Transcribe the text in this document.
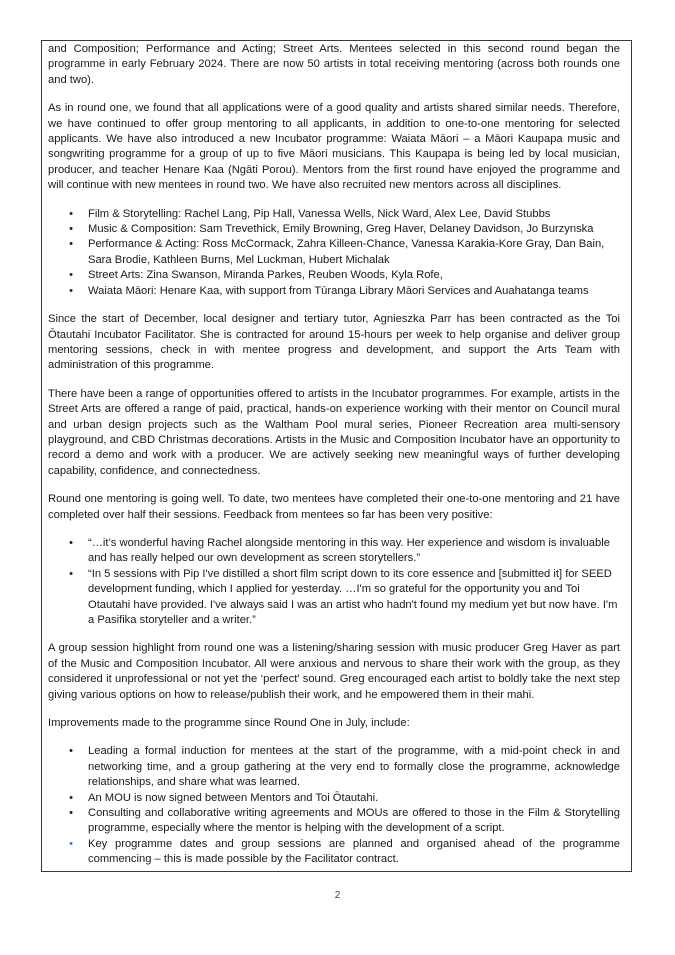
and Composition; Performance and Acting; Street Arts. Mentees selected in this second round began the programme in early February 2024. There are now 50 artists in total receiving mentoring (across both rounds one and two).

As in round one, we found that all applications were of a good quality and artists shared similar needs. Therefore, we have continued to offer group mentoring to all applicants, in addition to one-to-one mentoring for selected applicants. We have also introduced a new Incubator programme: Waiata Māori – a Māori Kaupapa music and songwriting programme for a group of up to five Māori musicians. This Kaupapa is being led by local musician, producer, and teacher Henare Kaa (Ngāti Porou). Mentors from the first round have enjoyed the programme and will continue with new mentees in round two. We have also recruited new mentors across all disciplines.

• Film & Storytelling: Rachel Lang, Pip Hall, Vanessa Wells, Nick Ward, Alex Lee, David Stubbs
• Music & Composition: Sam Trevethick, Emily Browning, Greg Haver, Delaney Davidson, Jo Burzynska
• Performance & Acting: Ross McCormack, Zahra Killeen-Chance, Vanessa Karakia-Kore Gray, Dan Bain, Sara Brodie, Kathleen Burns, Mel Luckman, Hubert Michalak
• Street Arts: Zina Swanson, Miranda Parkes, Reuben Woods, Kyla Rofe,
• Waiata Māori: Henare Kaa, with support from Tūranga Library Māori Services and Auahatanga teams

Since the start of December, local designer and tertiary tutor, Agnieszka Parr has been contracted as the Toi Ōtautahi Incubator Facilitator. She is contracted for around 15-hours per week to help organise and deliver group mentoring sessions, check in with mentee progress and development, and support the Arts Team with administration of this programme.

There have been a range of opportunities offered to artists in the Incubator programmes. For example, artists in the Street Arts are offered a range of paid, practical, hands-on experience working with their mentor on Council mural and urban design projects such as the Waltham Pool mural series, Pioneer Recreation area multi-sensory playground, and CBD Christmas decorations. Artists in the Music and Composition Incubator have an opportunity to record a demo and work with a producer. We are actively seeking new meaningful ways of further developing capability, confidence, and connectedness.

Round one mentoring is going well. To date, two mentees have completed their one-to-one mentoring and 21 have completed over half their sessions. Feedback from mentees so far has been very positive:

• “…it’s wonderful having Rachel alongside mentoring in this way. Her experience and wisdom is invaluable and has really helped our own development as screen storytellers.”
• “In 5 sessions with Pip I've distilled a short film script down to its core essence and [submitted it] for SEED development funding, which I applied for yesterday. …I'm so grateful for the opportunity you and Toi Otautahi have provided. I've always said I was an artist who hadn't found my medium yet but now have. I'm a Pasifika storyteller and a writer.”

A group session highlight from round one was a listening/sharing session with music producer Greg Haver as part of the Music and Composition Incubator. All were anxious and nervous to share their work with the group, as they considered it unprofessional or not yet the ‘perfect’ sound. Greg encouraged each artist to boldly take the next step giving various options on how to release/publish their work, and he empowered them in their mahi.

Improvements made to the programme since Round One in July, include:

• Leading a formal induction for mentees at the start of the programme, with a mid-point check in and networking time, and a group gathering at the very end to formally close the programme, acknowledge relationships, and share what was learned.
• An MOU is now signed between Mentors and Toi Ōtautahi.
• Consulting and collaborative writing agreements and MOUs are offered to those in the Film & Storytelling programme, especially where the mentor is helping with the development of a script.
• Key programme dates and group sessions are planned and organised ahead of the programme commencing – this is made possible by the Facilitator contract.
2
